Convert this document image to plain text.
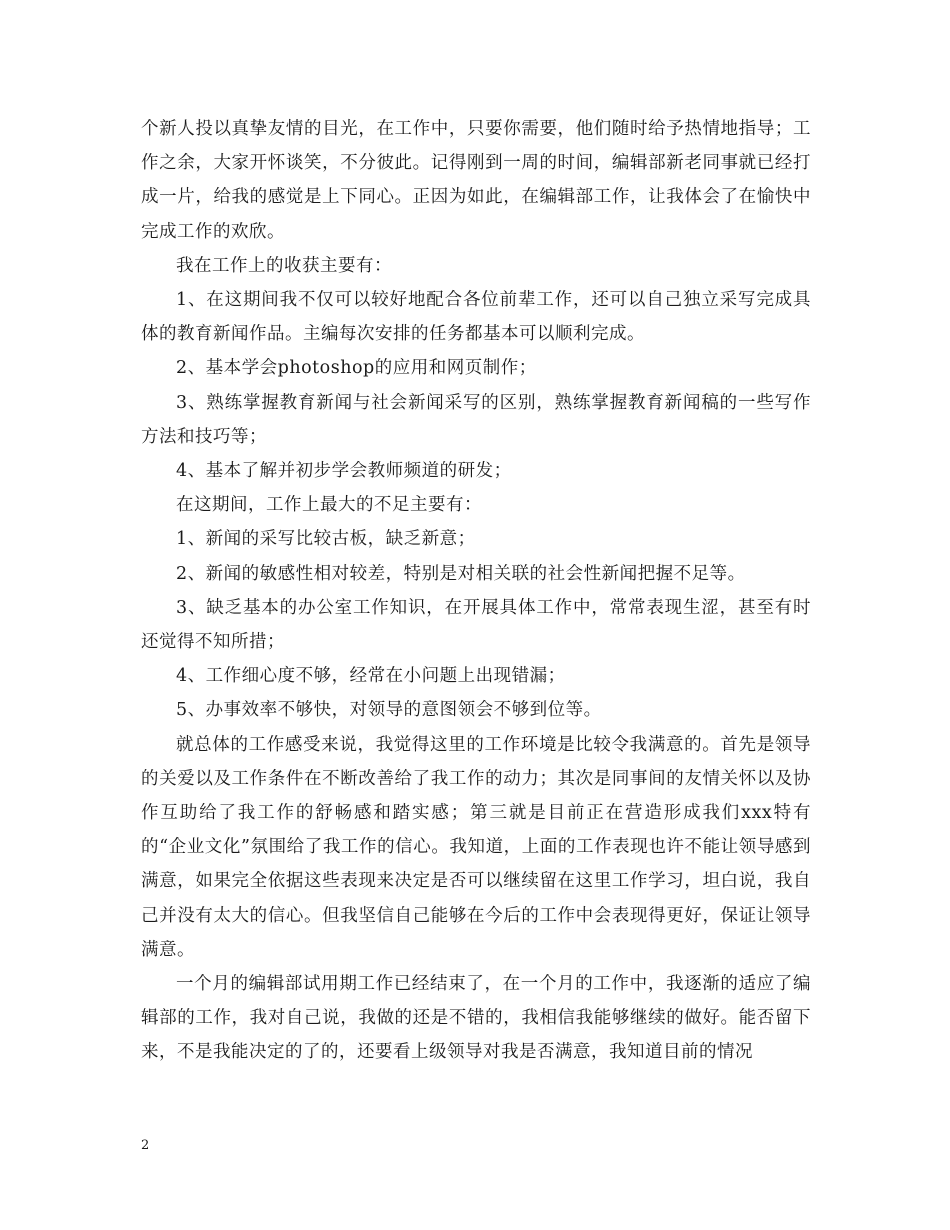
个新人投以真挚友情的目光，在工作中，只要你需要，他们随时给予热情地指导；工作之余，大家开怀谈笑，不分彼此。记得刚到一周的时间，编辑部新老同事就已经打成一片，给我的感觉是上下同心。正因为如此，在编辑部工作，让我体会了在愉快中完成工作的欢欣。

我在工作上的收获主要有：

1、在这期间我不仅可以较好地配合各位前辈工作，还可以自己独立采写完成具体的教育新闻作品。主编每次安排的任务都基本可以顺利完成。

2、基本学会photoshop的应用和网页制作；

3、熟练掌握教育新闻与社会新闻采写的区别，熟练掌握教育新闻稿的一些写作方法和技巧等；

4、基本了解并初步学会教师频道的研发；

在这期间，工作上最大的不足主要有：

1、新闻的采写比较古板，缺乏新意；

2、新闻的敏感性相对较差，特别是对相关联的社会性新闻把握不足等。

3、缺乏基本的办公室工作知识，在开展具体工作中，常常表现生涩，甚至有时还觉得不知所措；

4、工作细心度不够，经常在小问题上出现错漏；

5、办事效率不够快，对领导的意图领会不够到位等。

就总体的工作感受来说，我觉得这里的工作环境是比较令我满意的。首先是领导的关爱以及工作条件在不断改善给了我工作的动力；其次是同事间的友情关怀以及协作互助给了我工作的舒畅感和踏实感；第三就是目前正在营造形成我们xxx特有的“企业文化”氛围给了我工作的信心。我知道，上面的工作表现也许不能让领导感到满意，如果完全依据这些表现来决定是否可以继续留在这里工作学习，坦白说，我自己并没有太大的信心。但我坚信自己能够在今后的工作中会表现得更好，保证让领导满意。

一个月的编辑部试用期工作已经结束了，在一个月的工作中，我逐渐的适应了编辑部的工作，我对自己说，我做的还是不错的，我相信我能够继续的做好。能否留下来，不是我能决定的了的，还要看上级领导对我是否满意，我知道目前的情况

2
